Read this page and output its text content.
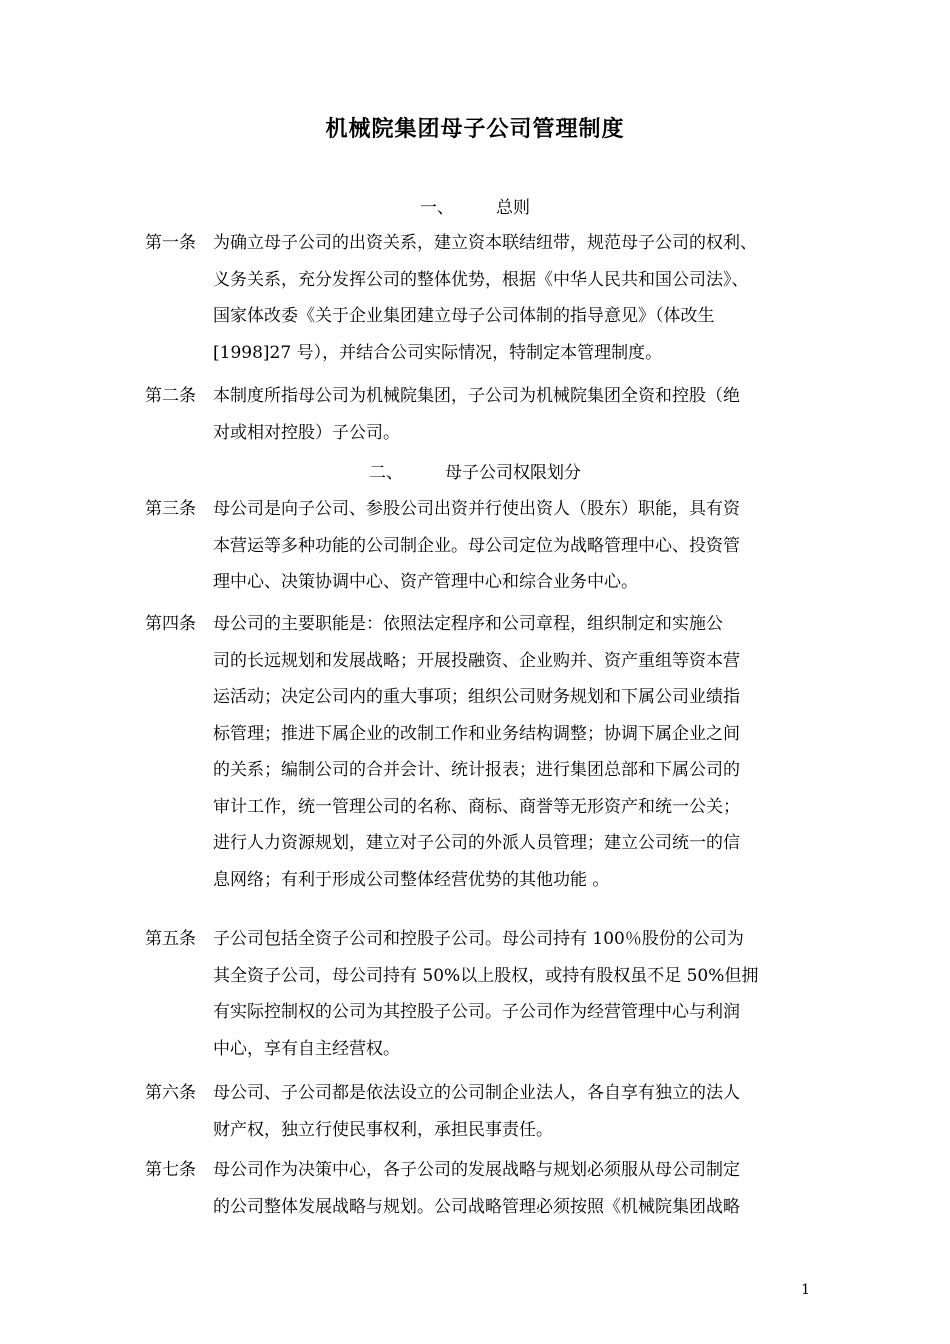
机械院集团母子公司管理制度
一、 总则
第一条	为确立母子公司的出资关系，建立资本联结纽带，规范母子公司的权利、
义务关系，充分发挥公司的整体优势，根据《中华人民共和国公司法》、
国家体改委《关于企业集团建立母子公司体制的指导意见》（体改生
[1998]27 号），并结合公司实际情况，特制定本管理制度。
第二条	本制度所指母公司为机械院集团，子公司为机械院集团全资和控股（绝
对或相对控股）子公司。
二、 母子公司权限划分
第三条	母公司是向子公司、参股公司出资并行使出资人（股东）职能，具有资
本营运等多种功能的公司制企业。母公司定位为战略管理中心、投资管
理中心、决策协调中心、资产管理中心和综合业务中心。
第四条	母公司的主要职能是：依照法定程序和公司章程，组织制定和实施公
司的长远规划和发展战略；开展投融资、企业购并、资产重组等资本营
运活动；决定公司内的重大事项；组织公司财务规划和下属公司业绩指
标管理；推进下属企业的改制工作和业务结构调整；协调下属企业之间
的关系；编制公司的合并会计、统计报表；进行集团总部和下属公司的
审计工作，统一管理公司的名称、商标、商誉等无形资产和统一公关；
进行人力资源规划，建立对子公司的外派人员管理；建立公司统一的信
息网络；有利于形成公司整体经营优势的其他功能 。
第五条	子公司包括全资子公司和控股子公司。母公司持有 100％股份的公司为
其全资子公司，母公司持有 50%以上股权，或持有股权虽不足 50%但拥
有实际控制权的公司为其控股子公司。子公司作为经营管理中心与利润
中心，享有自主经营权。
第六条	母公司、子公司都是依法设立的公司制企业法人，各自享有独立的法人
财产权，独立行使民事权利，承担民事责任。
第七条	母公司作为决策中心，各子公司的发展战略与规划必须服从母公司制定
的公司整体发展战略与规划。公司战略管理必须按照《机械院集团战略
1
